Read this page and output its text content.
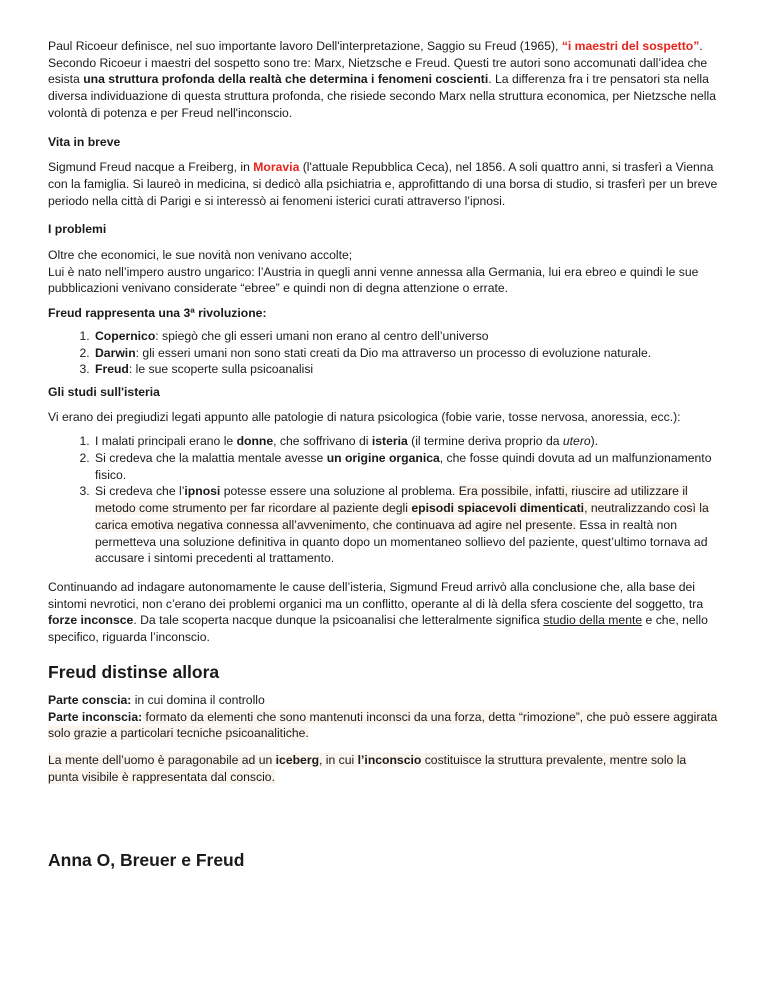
Paul Ricoeur definisce, nel suo importante lavoro Dell'interpretazione, Saggio su Freud (1965), “i maestri del sospetto”.

Secondo Ricoeur i maestri del sospetto sono tre: Marx, Nietzsche e Freud. Questi tre autori sono accomunati dall’idea che esista una struttura profonda della realtà che determina i fenomeni coscienti. La differenza fra i tre pensatori sta nella diversa individuazione di questa struttura profonda, che risiede secondo Marx nella struttura economica, per Nietzsche nella volontà di potenza e per Freud nell'inconscio.

Vita in breve

Sigmund Freud nacque a Freiberg, in Moravia (l'attuale Repubblica Ceca), nel 1856. A soli quattro anni, si trasferì a Vienna con la famiglia. Si laureò in medicina, si dedicò alla psichiatria e, approfittando di una borsa di studio, si trasferì per un breve periodo nella città di Parigi e si interessò ai fenomeni isterici curati attraverso l’ipnosi.

I problemi

Oltre che economici, le sue novità non venivano accolte;

Lui è nato nell’impero austro ungarico: l’Austria in quegli anni venne annessa alla Germania, lui era ebreo e quindi le sue pubblicazioni venivano considerate “ebree” e quindi non di degna attenzione o errate.

Freud rappresenta una 3ª rivoluzione:

1. Copernico: spiegò che gli esseri umani non erano al centro dell’universo
2. Darwin: gli esseri umani non sono stati creati da Dio ma attraverso un processo di evoluzione naturale.
3. Freud: le sue scoperte sulla psicoanalisi

Gli studi sull'isteria

Vi erano dei pregiudizi legati appunto alle patologie di natura psicologica (fobie varie, tosse nervosa, anoressia, ecc.):

1. I malati principali erano le donne, che soffrivano di isteria (il termine deriva proprio da utero).
2. Si credeva che la malattia mentale avesse un origine organica, che fosse quindi dovuta ad un malfunzionamento fisico.
3. Si credeva che l’ipnosi potesse essere una soluzione al problema. Era possibile, infatti, riuscire ad utilizzare il metodo come strumento per far ricordare al paziente degli episodi spiacevoli dimenticati, neutralizzando così la carica emotiva negativa connessa all’avvenimento, che continuava ad agire nel presente. Essa in realtà non permetteva una soluzione definitiva in quanto dopo un momentaneo sollievo del paziente, quest’ultimo tornava ad accusare i sintomi precedenti al trattamento.

Continuando ad indagare autonomamente le cause dell’isteria, Sigmund Freud arrivò alla conclusione che, alla base dei sintomi nevrotici, non c’erano dei problemi organici ma un conflitto, operante al di là della sfera cosciente del soggetto, tra forze inconsce. Da tale scoperta nacque dunque la psicoanalisi che letteralmente significa studio della mente e che, nello specifico, riguarda l’inconscio.

Freud distinse allora

Parte conscia: in cui domina il controllo

Parte inconscia: formato da elementi che sono mantenuti inconsci da una forza, detta “rimozione”, che può essere aggirata solo grazie a particolari tecniche psicoanalitiche.

La mente dell’uomo è paragonabile ad un iceberg, in cui l’inconscio costituisce la struttura prevalente, mentre solo la punta visibile è rappresentata dal conscio.

Anna O, Breuer e Freud
